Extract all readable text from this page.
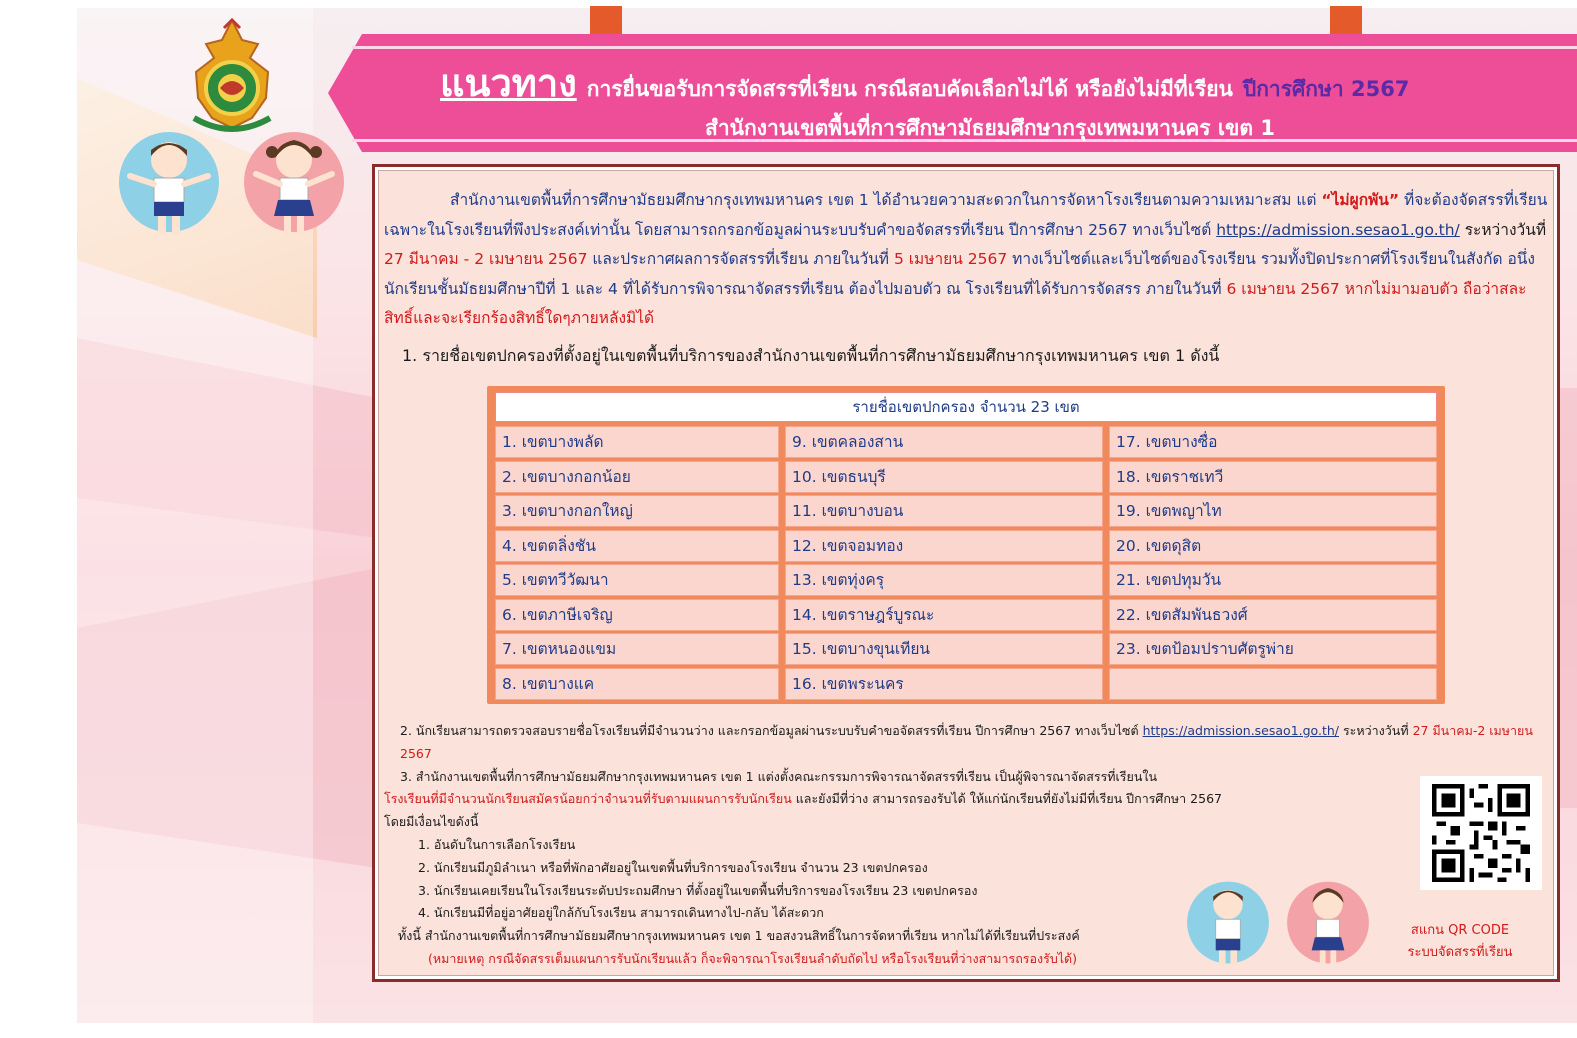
แนวทาง การยื่นขอรับการจัดสรรที่เรียน กรณีสอบคัดเลือกไม่ได้ หรือยังไม่มีที่เรียน ปีการศึกษา 2567
สำนักงานเขตพื้นที่การศึกษามัธยมศึกษากรุงเทพมหานคร เขต 1
สำนักงานเขตพื้นที่การศึกษามัธยมศึกษากรุงเทพมหานคร เขต 1 ได้อำนวยความสะดวกในการจัดหาโรงเรียนตามความเหมาะสม แต่ “ไม่ผูกพัน” ที่จะต้องจัดสรรที่เรียน เฉพาะในโรงเรียนที่พึงประสงค์เท่านั้น โดยสามารถกรอกข้อมูลผ่านระบบรับคำขอจัดสรรที่เรียน ปีการศึกษา 2567 ทางเว็บไซต์ https://admission.sesao1.go.th/ ระหว่างวันที่ 27 มีนาคม - 2 เมษายน 2567 และประกาศผลการจัดสรรที่เรียน ภายในวันที่ 5 เมษายน 2567 ทางเว็บไซต์และเว็บไซต์ของโรงเรียน รวมทั้งปิดประกาศที่โรงเรียนในสังกัด อนึ่ง นักเรียนชั้นมัธยมศึกษาปีที่ 1 และ 4 ที่ได้รับการพิจารณาจัดสรรที่เรียน ต้องไปมอบตัว ณ โรงเรียนที่ได้รับการจัดสรร ภายในวันที่ 6 เมษายน 2567 หากไม่มามอบตัว ถือว่าสละสิทธิ์และจะเรียกร้องสิทธิ์ใดๆภายหลังมิได้
1. รายชื่อเขตปกครองที่ตั้งอยู่ในเขตพื้นที่บริการของสำนักงานเขตพื้นที่การศึกษามัธยมศึกษากรุงเทพมหานคร เขต 1 ดังนี้
รายชื่อเขตปกครอง จำนวน 23 เขต
1. เขตบางพลัด	9. เขตคลองสาน	17. เขตบางซื่อ
2. เขตบางกอกน้อย	10. เขตธนบุรี	18. เขตราชเทวี
3. เขตบางกอกใหญ่	11. เขตบางบอน	19. เขตพญาไท
4. เขตตลิ่งชัน	12. เขตจอมทอง	20. เขตดุสิต
5. เขตทวีวัฒนา	13. เขตทุ่งครุ	21. เขตปทุมวัน
6. เขตภาษีเจริญ	14. เขตราษฎร์บูรณะ	22. เขตสัมพันธวงศ์
7. เขตหนองแขม	15. เขตบางขุนเทียน	23. เขตป้อมปราบศัตรูพ่าย
8. เขตบางแค	16. เขตพระนคร
2. นักเรียนสามารถตรวจสอบรายชื่อโรงเรียนที่มีจำนวนว่าง และกรอกข้อมูลผ่านระบบรับคำขอจัดสรรที่เรียน ปีการศึกษา 2567 ทางเว็บไซต์ https://admission.sesao1.go.th/ ระหว่างวันที่ 27 มีนาคม-2 เมษายน 2567
3. สำนักงานเขตพื้นที่การศึกษามัธยมศึกษากรุงเทพมหานคร เขต 1 แต่งตั้งคณะกรรมการพิจารณาจัดสรรที่เรียน เป็นผู้พิจารณาจัดสรรที่เรียนใน
โรงเรียนที่มีจำนวนนักเรียนสมัครน้อยกว่าจำนวนที่รับตามแผนการรับนักเรียน และยังมีที่ว่าง สามารถรองรับได้ ให้แก่นักเรียนที่ยังไม่มีที่เรียน ปีการศึกษา 2567
โดยมีเงื่อนไขดังนี้
1. อันดับในการเลือกโรงเรียน
2. นักเรียนมีภูมิลำเนา หรือที่พักอาศัยอยู่ในเขตพื้นที่บริการของโรงเรียน จำนวน 23 เขตปกครอง
3. นักเรียนเคยเรียนในโรงเรียนระดับประถมศึกษา ที่ตั้งอยู่ในเขตพื้นที่บริการของโรงเรียน 23 เขตปกครอง
4. นักเรียนมีที่อยู่อาศัยอยู่ใกล้กับโรงเรียน สามารถเดินทางไป-กลับ ได้สะดวก
ทั้งนี้ สำนักงานเขตพื้นที่การศึกษามัธยมศึกษากรุงเทพมหานคร เขต 1 ขอสงวนสิทธิ์ในการจัดหาที่เรียน หากไม่ได้ที่เรียนที่ประสงค์
(หมายเหตุ กรณีจัดสรรเต็มแผนการรับนักเรียนแล้ว ก็จะพิจารณาโรงเรียนลำดับถัดไป หรือโรงเรียนที่ว่างสามารถรองรับได้)
สแกน QR CODE
ระบบจัดสรรที่เรียน
